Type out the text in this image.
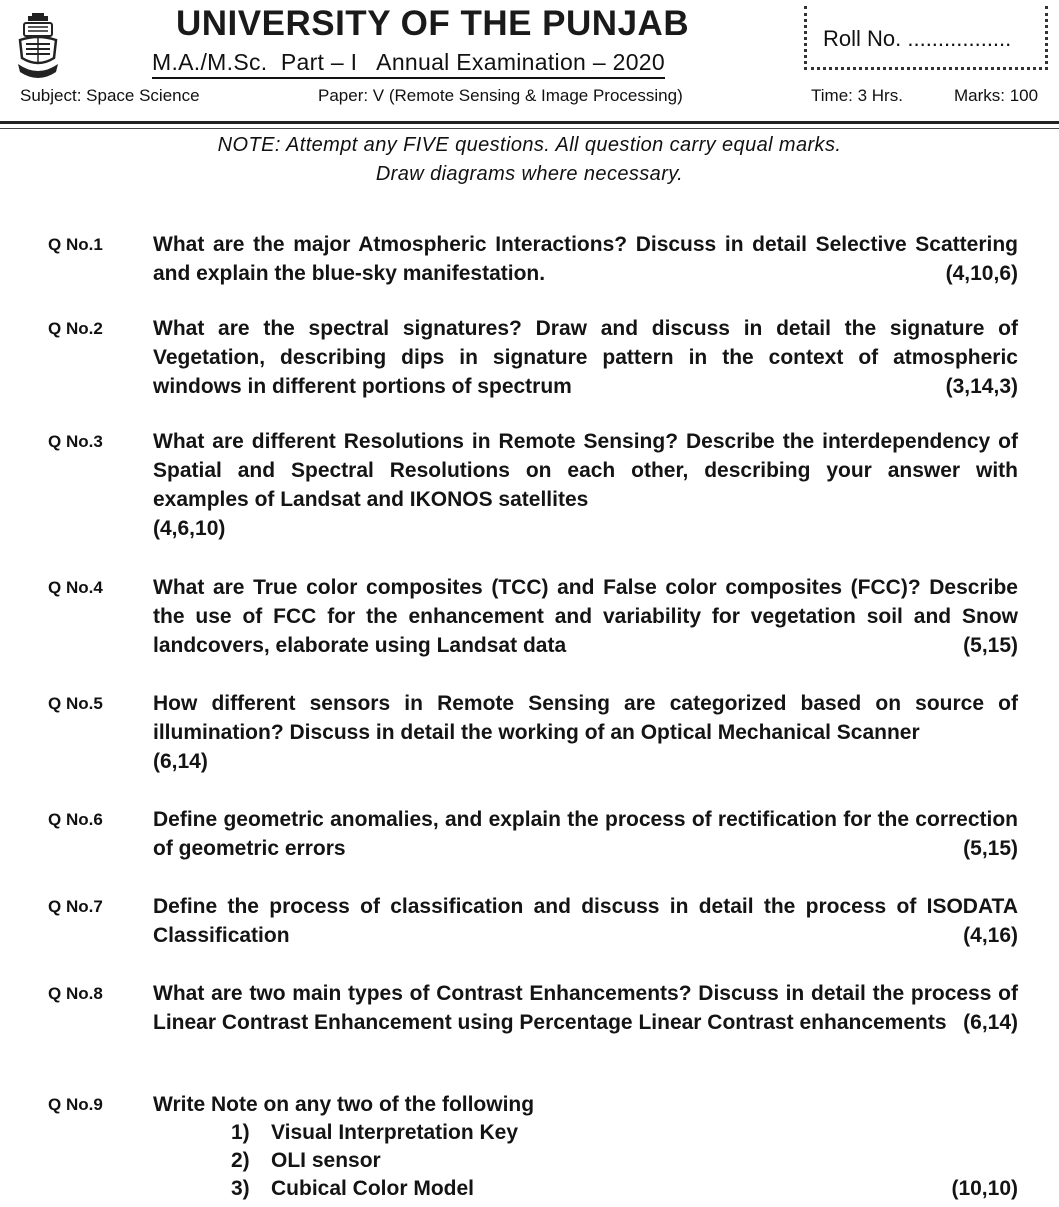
UNIVERSITY OF THE PUNJAB
M.A./M.Sc.  Part – I   Annual Examination – 2020
Roll No. .................
Subject: Space Science	Paper: V (Remote Sensing & Image Processing)	Time: 3 Hrs.	Marks: 100
NOTE: Attempt any FIVE questions. All question carry equal marks.
Draw diagrams where necessary.
Q No.1	What are the major Atmospheric Interactions? Discuss in detail Selective Scattering and explain the blue-sky manifestation.	(4,10,6)
Q No.2	What are the spectral signatures? Draw and discuss in detail the signature of Vegetation, describing dips in signature pattern in the context of atmospheric windows in different portions of spectrum	(3,14,3)
Q No.3	What are different Resolutions in Remote Sensing? Describe the interdependency of Spatial and Spectral Resolutions on each other, describing your answer with examples of Landsat and IKONOS satellites
(4,6,10)
Q No.4	What are True color composites (TCC) and False color composites (FCC)? Describe the use of FCC for the enhancement and variability for vegetation soil and Snow landcovers, elaborate using Landsat data	(5,15)
Q No.5	How different sensors in Remote Sensing are categorized based on source of illumination? Discuss in detail the working of an Optical Mechanical Scanner
(6,14)
Q No.6	Define geometric anomalies, and explain the process of rectification for the correction of geometric errors	(5,15)
Q No.7	Define the process of classification and discuss in detail the process of ISODATA Classification	(4,16)
Q No.8	What are two main types of Contrast Enhancements? Discuss in detail the process of Linear Contrast Enhancement using Percentage Linear Contrast enhancements (6,14)
Q No.9	Write Note on any two of the following
1) Visual Interpretation Key
2) OLI sensor
3) Cubical Color Model	(10,10)
